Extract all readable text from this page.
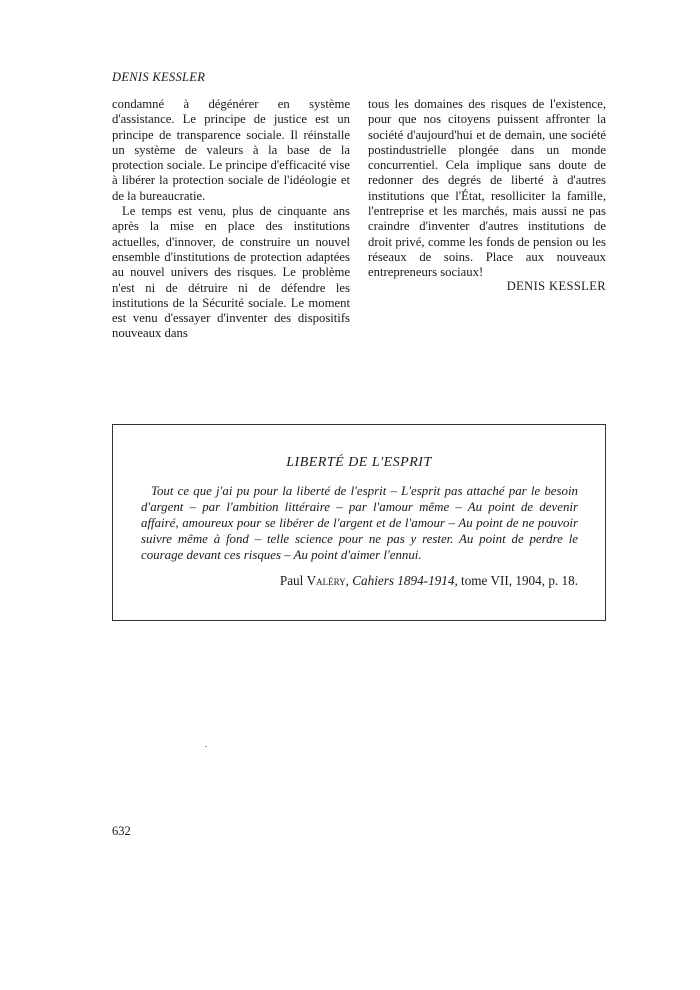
DENIS KESSLER

condamné à dégénérer en système d'assistance. Le principe de justice est un principe de transparence sociale. Il réinstalle un système de valeurs à la base de la protection sociale. Le principe d'efficacité vise à libérer la protection sociale de l'idéologie et de la bureaucratie.

Le temps est venu, plus de cinquante ans après la mise en place des institutions actuelles, d'innover, de construire un nouvel ensemble d'institutions de protection adaptées au nouvel univers des risques. Le problème n'est ni de détruire ni de défendre les institutions de la Sécurité sociale. Le moment est venu d'essayer d'inventer des dispositifs nouveaux dans

tous les domaines des risques de l'existence, pour que nos citoyens puissent affronter la société d'aujourd'hui et de demain, une société postindustrielle plongée dans un monde concurrentiel. Cela implique sans doute de redonner des degrés de liberté à d'autres institutions que l'État, resolliciter la famille, l'entreprise et les marchés, mais aussi ne pas craindre d'inventer d'autres institutions de droit privé, comme les fonds de pension ou les réseaux de soins. Place aux nouveaux entrepreneurs sociaux!

DENIS KESSLER
LIBERTÉ DE L'ESPRIT
Tout ce que j'ai pu pour la liberté de l'esprit – L'esprit pas attaché par le besoin d'argent – par l'ambition littéraire – par l'amour même – Au point de devenir affairé, amoureux pour se libérer de l'argent et de l'amour – Au point de ne pouvoir suivre même à fond – telle science pour ne pas y rester. Au point de perdre le courage devant ces risques – Au point d'aimer l'ennui.
Paul Valéry, Cahiers 1894-1914, tome VII, 1904, p. 18.
632
